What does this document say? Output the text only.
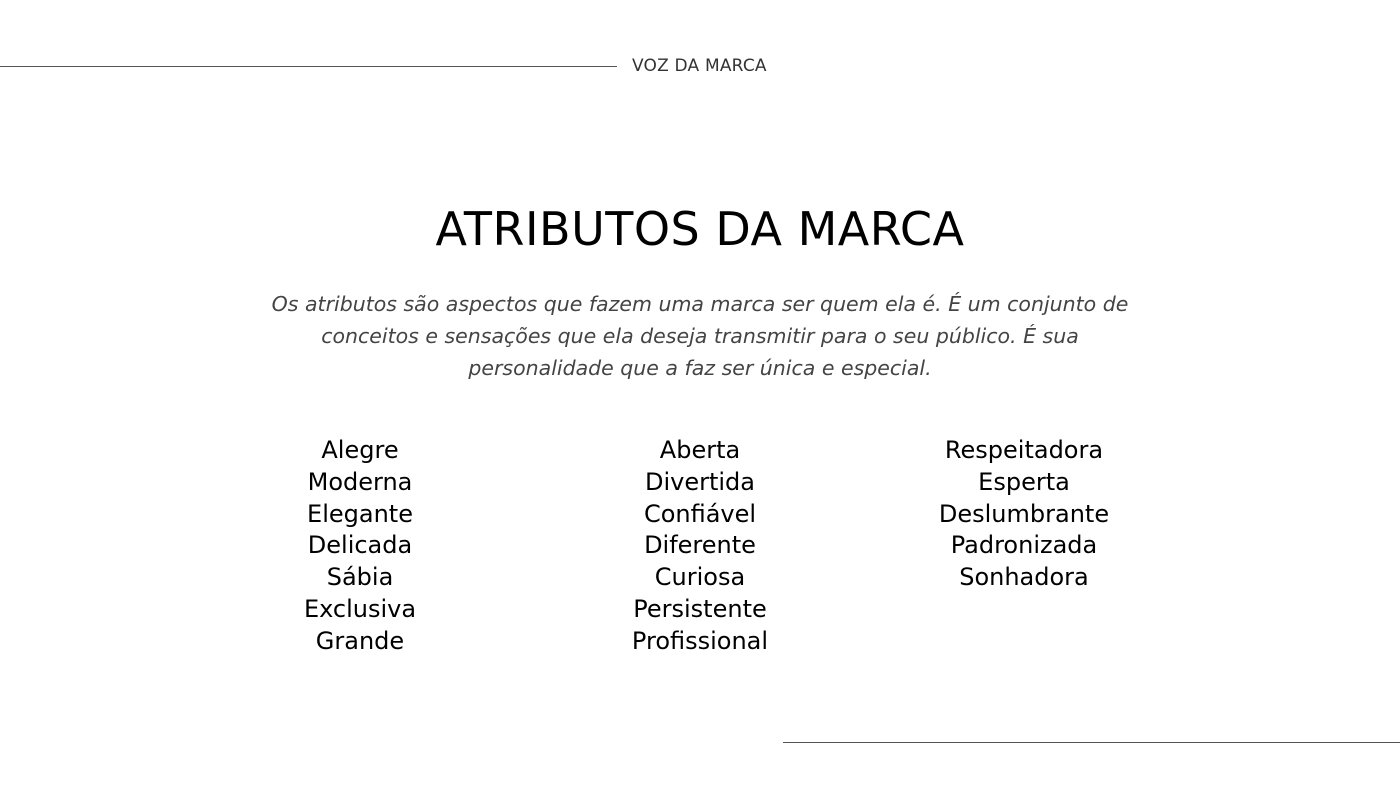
VOZ DA MARCA
ATRIBUTOS DA MARCA

Os atributos são aspectos que fazem uma marca ser quem ela é. É um conjunto de conceitos e sensações que ela deseja transmitir para o seu público. É sua personalidade que a faz ser única e especial.

Alegre
Moderna
Elegante
Delicada
Sábia
Exclusiva
Grande
Aberta
Divertida
Confiável
Diferente
Curiosa
Persistente
Profissional
Respeitadora
Esperta
Deslumbrante
Padronizada
Sonhadora
